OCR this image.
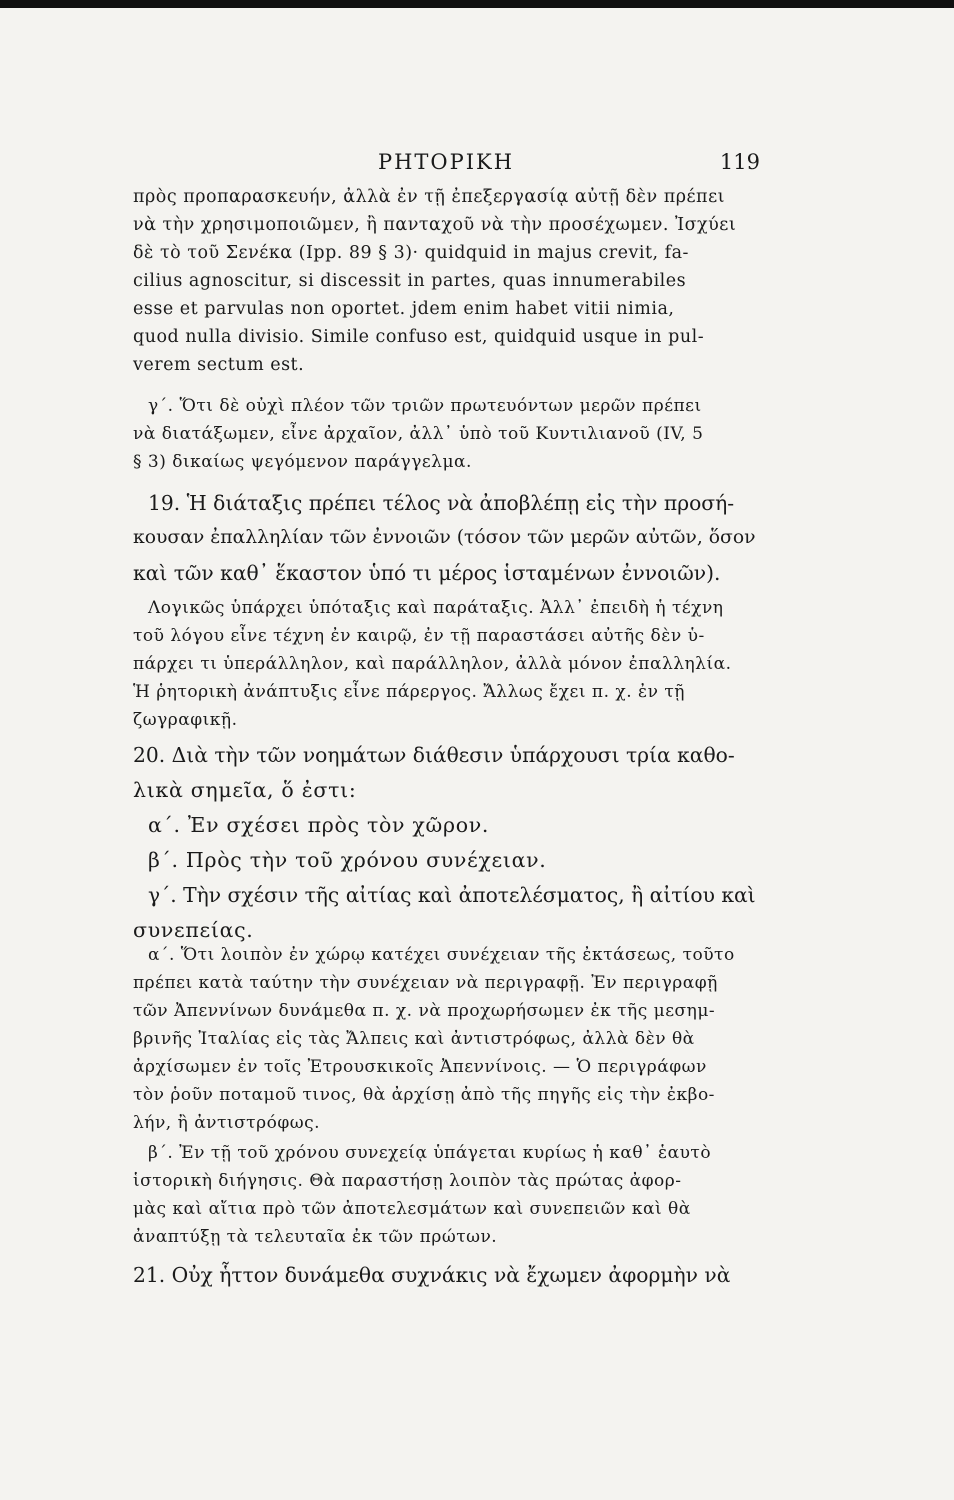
ΡΗΤΟΡΙΚΗ	119
πρὸς προπαρασκευήν, ἀλλὰ ἐν τῇ ἐπεξεργασίᾳ αὐτῇ δὲν πρέπει
νὰ τὴν χρησιμοποιῶμεν, ἢ πανταχοῦ νὰ τὴν προσέχωμεν. Ἰσχύει
δὲ τὸ τοῦ Σενέκα (Ipp. 89 § 3)· quidquid in majus crevit, fa-
cilius agnoscitur, si discessit in partes, quas innumerabiles
esse et parvulas non oportet. jdem enim habet vitii nimia,
quod nulla divisio. Simile confuso est, quidquid usque in pul-
verem sectum est.
γ΄. Ὅτι δὲ οὐχὶ πλέον τῶν τριῶν πρωτευόντων μερῶν πρέπει
νὰ διατάξωμεν, εἶνε ἀρχαῖον, ἀλλ᾽ ὑπὸ τοῦ Κυντιλιανοῦ (IV, 5
§ 3) δικαίως ψεγόμενον παράγγελμα.
19. Ἡ διάταξις πρέπει τέλος νὰ ἀποβλέπῃ εἰς τὴν προσή-
κουσαν ἐπαλληλίαν τῶν ἐννοιῶν (τόσον τῶν μερῶν αὐτῶν, ὅσον
καὶ τῶν καθ᾽ ἕκαστον ὑπό τι μέρος ἱσταμένων ἐννοιῶν).
Λογικῶς ὑπάρχει ὑπόταξις καὶ παράταξις. Ἀλλ᾽ ἐπειδὴ ἡ τέχνη
τοῦ λόγου εἶνε τέχνη ἐν καιρῷ, ἐν τῇ παραστάσει αὐτῆς δὲν ὑ-
πάρχει τι ὑπεράλληλον, καὶ παράλληλον, ἀλλὰ μόνον ἐπαλληλία.
Ἡ ῥητορικὴ ἀνάπτυξις εἶνε πάρεργος. Ἄλλως ἔχει π. χ. ἐν τῇ
ζωγραφικῇ.
20. Διὰ τὴν τῶν νοημάτων διάθεσιν ὑπάρχουσι τρία καθο-
λικὰ σημεῖα, ὅ ἐστι:
α΄. Ἐν σχέσει πρὸς τὸν χῶρον.
β΄. Πρὸς τὴν τοῦ χρόνου συνέχειαν.
γ΄. Τὴν σχέσιν τῆς αἰτίας καὶ ἀποτελέσματος, ἢ αἰτίου καὶ
συνεπείας.
α΄. Ὅτι λοιπὸν ἐν χώρῳ κατέχει συνέχειαν τῆς ἐκτάσεως, τοῦτο
πρέπει κατὰ ταύτην τὴν συνέχειαν νὰ περιγραφῇ. Ἐν περιγραφῇ
τῶν Ἀπεννίνων δυνάμεθα π. χ. νὰ προχωρήσωμεν ἐκ τῆς μεσημ-
βρινῆς Ἰταλίας εἰς τὰς Ἄλπεις καὶ ἀντιστρόφως, ἀλλὰ δὲν θὰ
ἀρχίσωμεν ἐν τοῖς Ἐτρουσκικοῖς Ἀπεννίνοις. — Ὁ περιγράφων
τὸν ῥοῦν ποταμοῦ τινος, θὰ ἀρχίσῃ ἀπὸ τῆς πηγῆς εἰς τὴν ἐκβο-
λήν, ἢ ἀντιστρόφως.
β΄. Ἐν τῇ τοῦ χρόνου συνεχείᾳ ὑπάγεται κυρίως ἡ καθ᾽ ἑαυτὸ
ἱστορικὴ διήγησις. Θὰ παραστήσῃ λοιπὸν τὰς πρώτας ἀφορ-
μὰς καὶ αἴτια πρὸ τῶν ἀποτελεσμάτων καὶ συνεπειῶν καὶ θὰ
ἀναπτύξῃ τὰ τελευταῖα ἐκ τῶν πρώτων.
21. Οὐχ ἧττον δυνάμεθα συχνάκις νὰ ἔχωμεν ἀφορμὴν νὰ
